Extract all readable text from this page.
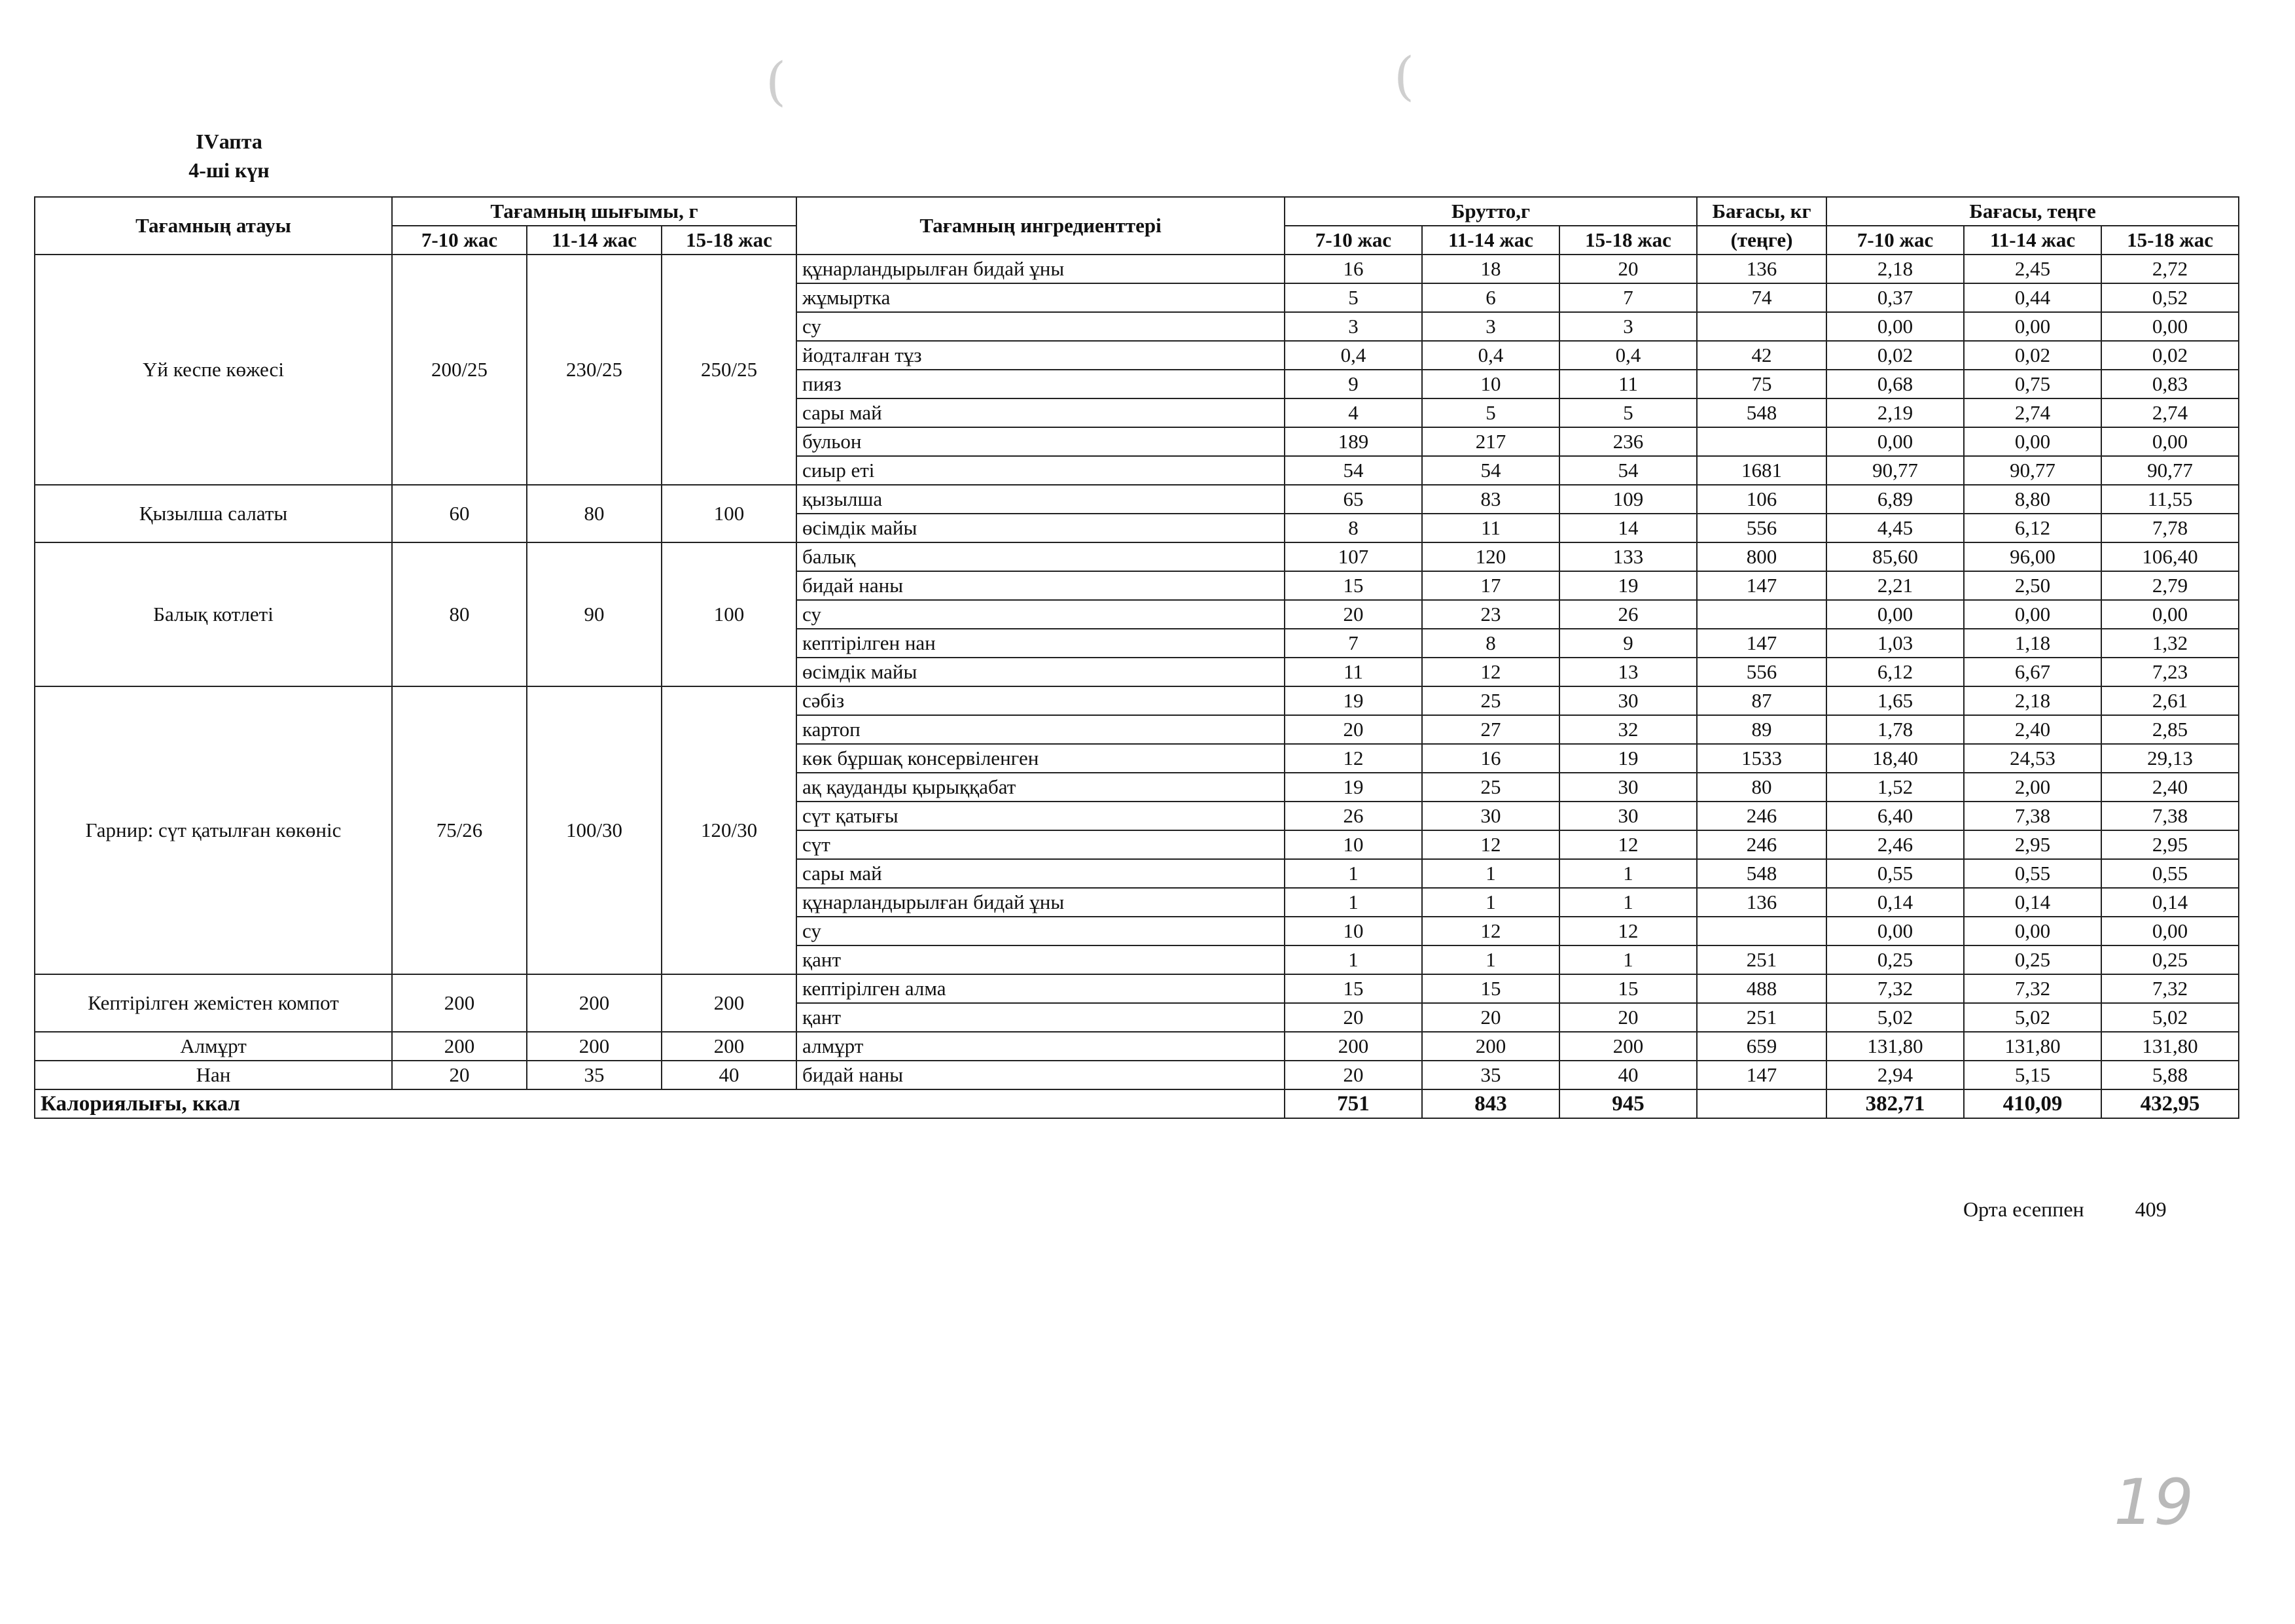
(	(
ІVапта
4-ші күн
Тағамның атауы	Тағамның шығымы, г			Тағамның ингредиенттері	Брутто,г			Бағасы, кг	Бағасы, теңге		
	7-10 жас	11-14 жас	15-18 жас		7-10 жас	11-14 жас	15-18 жас	(теңге)	7-10 жас	11-14 жас	15-18 жас
Үй кеспе көжесі	200/25	230/25	250/25	құнарландырылған бидай ұны	16	18	20	136	2,18	2,45	2,72
				жұмыртка	5	6	7	74	0,37	0,44	0,52
				су	3	3	3		0,00	0,00	0,00
				йодталған тұз	0,4	0,4	0,4	42	0,02	0,02	0,02
				пияз	9	10	11	75	0,68	0,75	0,83
				сары май	4	5	5	548	2,19	2,74	2,74
				бульон	189	217	236		0,00	0,00	0,00
				сиыр еті	54	54	54	1681	90,77	90,77	90,77
Қызылша салаты	60	80	100	қызылша	65	83	109	106	6,89	8,80	11,55
				өсімдік майы	8	11	14	556	4,45	6,12	7,78
Балық котлеті	80	90	100	балық	107	120	133	800	85,60	96,00	106,40
				бидай наны	15	17	19	147	2,21	2,50	2,79
				су	20	23	26		0,00	0,00	0,00
				кептірілген нан	7	8	9	147	1,03	1,18	1,32
				өсімдік майы	11	12	13	556	6,12	6,67	7,23
Гарнир: сүт қатылған көкөніс	75/26	100/30	120/30	сәбіз	19	25	30	87	1,65	2,18	2,61
				картоп	20	27	32	89	1,78	2,40	2,85
				көк бұршақ консервіленген	12	16	19	1533	18,40	24,53	29,13
				ақ қауданды қырыққабат	19	25	30	80	1,52	2,00	2,40
				сүт қатығы	26	30	30	246	6,40	7,38	7,38
				сүт	10	12	12	246	2,46	2,95	2,95
				сары май	1	1	1	548	0,55	0,55	0,55
				құнарландырылған бидай ұны	1	1	1	136	0,14	0,14	0,14
				су	10	12	12		0,00	0,00	0,00
				қант	1	1	1	251	0,25	0,25	0,25
Кептірілген жемістен компот	200	200	200	кептірілген алма	15	15	15	488	7,32	7,32	7,32
				қант	20	20	20	251	5,02	5,02	5,02
Алмұрт	200	200	200	алмұрт	200	200	200	659	131,80	131,80	131,80
Нан	20	35	40	бидай наны	20	35	40	147	2,94	5,15	5,88
Калориялығы, ккал					751	843	945		382,71	410,09	432,95
Орта есеппен 409
19
